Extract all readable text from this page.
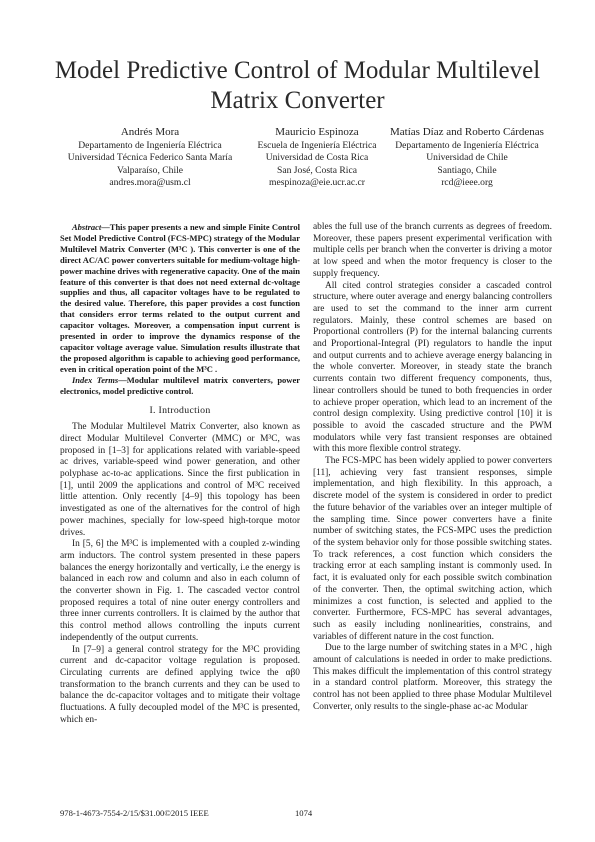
Model Predictive Control of Modular Multilevel Matrix Converter
Andrés Mora
Departamento de Ingeniería Eléctrica
Universidad Técnica Federico Santa María
Valparaíso, Chile
andres.mora@usm.cl
Mauricio Espinoza
Escuela de Ingeniería Eléctrica
Universidad de Costa Rica
San José, Costa Rica
mespinoza@eie.ucr.ac.cr
Matías Díaz and Roberto Cárdenas
Departamento de Ingeniería Eléctrica
Universidad de Chile
Santiago, Chile
rcd@ieee.org

Abstract—This paper presents a new and simple Finite Control Set Model Predictive Control (FCS-MPC) strategy of the Modular Multilevel Matrix Converter (M³C ). This converter is one of the direct AC/AC power converters suitable for medium-voltage high-power machine drives with regenerative capacity. One of the main feature of this converter is that does not need external dc-voltage supplies and thus, all capacitor voltages have to be regulated to the desired value. Therefore, this paper provides a cost function that considers error terms related to the output current and capacitor voltages. Moreover, a compensation input current is presented in order to improve the dynamics response of the capacitor voltage average value. Simulation results illustrate that the proposed algorithm is capable to achieving good performance, even in critical operation point of the M³C .

Index Terms—Modular multilevel matrix converters, power electronics, model predictive control.

I. Introduction

The Modular Multilevel Matrix Converter, also known as direct Modular Multilevel Converter (MMC) or M³C, was proposed in [1–3] for applications related with variable-speed ac drives, variable-speed wind power generation, and other polyphase ac-to-ac applications. Since the first publication in [1], until 2009 the applications and control of M³C received little attention. Only recently [4–9] this topology has been investigated as one of the alternatives for the control of high power machines, specially for low-speed high-torque motor drives.

In [5, 6] the M³C is implemented with a coupled z-winding arm inductors. The control system presented in these papers balances the energy horizontally and vertically, i.e the energy is balanced in each row and column and also in each column of the converter shown in Fig. 1. The cascaded vector control proposed requires a total of nine outer energy controllers and three inner currents controllers. It is claimed by the author that this control method allows controlling the inputs current independently of the output currents.

In [7–9] a general control strategy for the M³C providing current and dc-capacitor voltage regulation is proposed. Circulating currents are defined applying twice the αβ0 transformation to the branch currents and they can be used to balance the dc-capacitor voltages and to mitigate their voltage fluctuations. A fully decoupled model of the M³C is presented, which en-

ables the full use of the branch currents as degrees of freedom. Moreover, these papers present experimental verification with multiple cells per branch when the converter is driving a motor at low speed and when the motor frequency is closer to the supply frequency.

All cited control strategies consider a cascaded control structure, where outer average and energy balancing controllers are used to set the command to the inner arm current regulators. Mainly, these control schemes are based on Proportional controllers (P) for the internal balancing currents and Proportional-Integral (PI) regulators to handle the input and output currents and to achieve average energy balancing in the whole converter. Moreover, in steady state the branch currents contain two different frequency components, thus, linear controllers should be tuned to both frequencies in order to achieve proper operation, which lead to an increment of the control design complexity. Using predictive control [10] it is possible to avoid the cascaded structure and the PWM modulators while very fast transient responses are obtained with this more flexible control strategy.

The FCS-MPC has been widely applied to power converters [11], achieving very fast transient responses, simple implementation, and high flexibility. In this approach, a discrete model of the system is considered in order to predict the future behavior of the variables over an integer multiple of the sampling time. Since power converters have a finite number of switching states, the FCS-MPC uses the prediction of the system behavior only for those possible switching states. To track references, a cost function which considers the tracking error at each sampling instant is commonly used. In fact, it is evaluated only for each possible switch combination of the converter. Then, the optimal switching action, which minimizes a cost function, is selected and applied to the converter. Furthermore, FCS-MPC has several advantages, such as easily including nonlinearities, constrains, and variables of different nature in the cost function.

Due to the large number of switching states in a M³C , high amount of calculations is needed in order to make predictions. This makes difficult the implementation of this control strategy in a standard control platform. Moreover, this strategy the control has not been applied to three phase Modular Multilevel Converter, only results to the single-phase ac-ac Modular

978-1-4673-7554-2/15/$31.00©2015 IEEE	1074
